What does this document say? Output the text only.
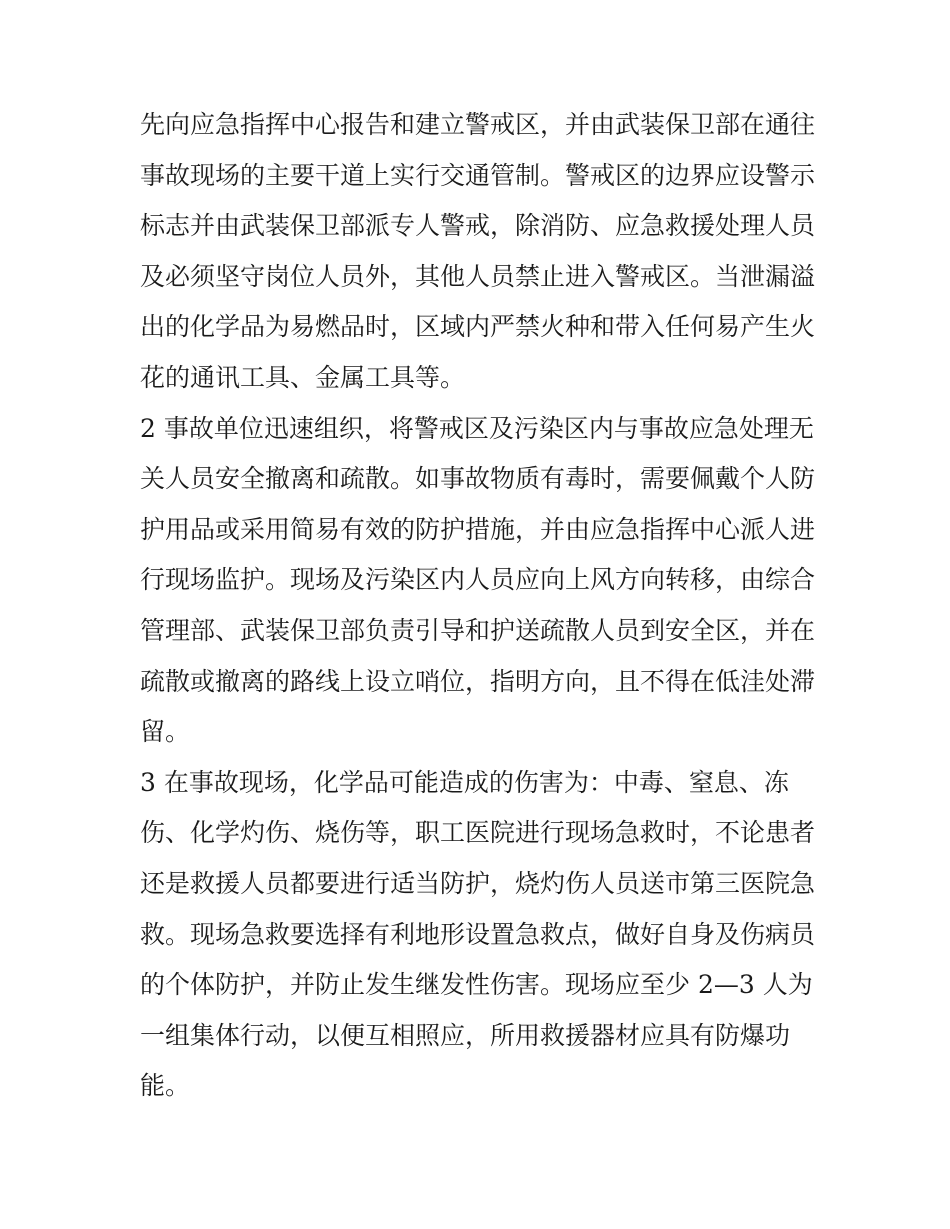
先向应急指挥中心报告和建立警戒区，并由武装保卫部在通往
事故现场的主要干道上实行交通管制。警戒区的边界应设警示
标志并由武装保卫部派专人警戒，除消防、应急救援处理人员
及必须坚守岗位人员外，其他人员禁止进入警戒区。当泄漏溢
出的化学品为易燃品时，区域内严禁火种和带入任何易产生火
花的通讯工具、金属工具等。
2 事故单位迅速组织，将警戒区及污染区内与事故应急处理无
关人员安全撤离和疏散。如事故物质有毒时，需要佩戴个人防
护用品或采用简易有效的防护措施，并由应急指挥中心派人进
行现场监护。现场及污染区内人员应向上风方向转移，由综合
管理部、武装保卫部负责引导和护送疏散人员到安全区，并在
疏散或撤离的路线上设立哨位，指明方向，且不得在低洼处滞
留。
3 在事故现场，化学品可能造成的伤害为：中毒、窒息、冻
伤、化学灼伤、烧伤等，职工医院进行现场急救时，不论患者
还是救援人员都要进行适当防护，烧灼伤人员送市第三医院急
救。现场急救要选择有利地形设置急救点，做好自身及伤病员
的个体防护，并防止发生继发性伤害。现场应至少 2—3 人为
一组集体行动，以便互相照应，所用救援器材应具有防爆功
能。
